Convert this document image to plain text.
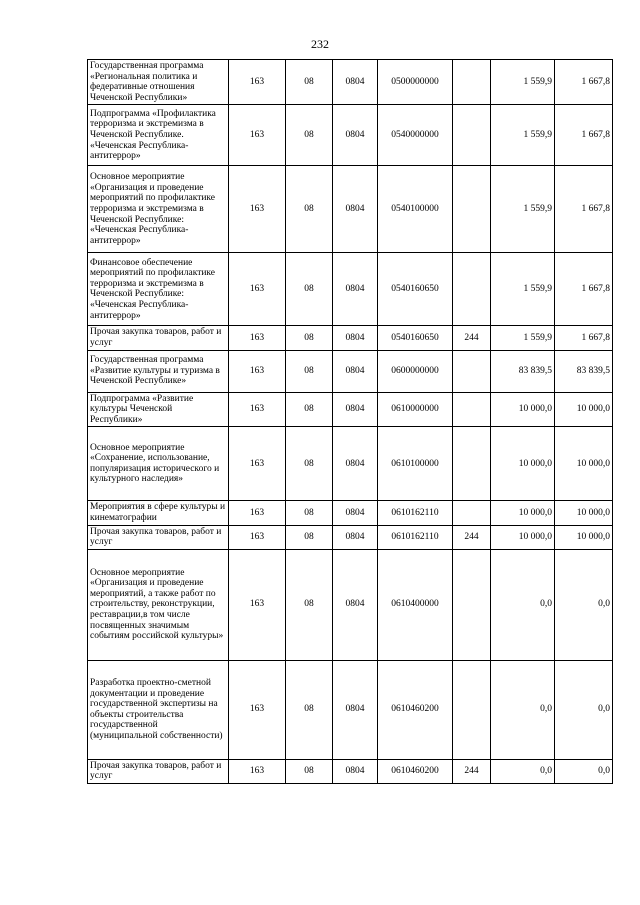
232
Государственная программа «Региональная политика и федеративные отношения Чеченской Республики»	163	08	0804	0500000000		1 559,9	1 667,8
Подпрограмма «Профилактика терроризма и экстремизма в Чеченской Республике. «Чеченская Республика-антитеррор»	163	08	0804	0540000000		1 559,9	1 667,8
Основное мероприятие «Организация и проведение мероприятий по профилактике терроризма и экстремизма в Чеченской Республике: «Чеченская Республика-антитеррор»	163	08	0804	0540100000		1 559,9	1 667,8
Финансовое обеспечение мероприятий по профилактике терроризма и экстремизма в Чеченской Республике: «Чеченская Республика-антитеррор»	163	08	0804	0540160650		1 559,9	1 667,8
Прочая закупка товаров, работ и услуг	163	08	0804	0540160650	244	1 559,9	1 667,8
Государственная программа «Развитие культуры и туризма в Чеченской Республике»	163	08	0804	0600000000		83 839,5	83 839,5
Подпрограмма «Развитие культуры Чеченской Республики»	163	08	0804	0610000000		10 000,0	10 000,0
Основное мероприятие «Сохранение, использование, популяризация исторического и культурного наследия»	163	08	0804	0610100000		10 000,0	10 000,0
Мероприятия в сфере культуры и кинематографии	163	08	0804	0610162110		10 000,0	10 000,0
Прочая закупка товаров, работ и услуг	163	08	0804	0610162110	244	10 000,0	10 000,0
Основное мероприятие «Организация и проведение мероприятий, а также работ по строительству, реконструкции, реставрации,в том числе посвященных значимым событиям российской культуры»	163	08	0804	0610400000		0,0	0,0
Разработка проектно-сметной документации и проведение государственной экспертизы на объекты строительства государственной (муниципальной собственности)	163	08	0804	0610460200		0,0	0,0
Прочая закупка товаров, работ и услуг	163	08	0804	0610460200	244	0,0	0,0
